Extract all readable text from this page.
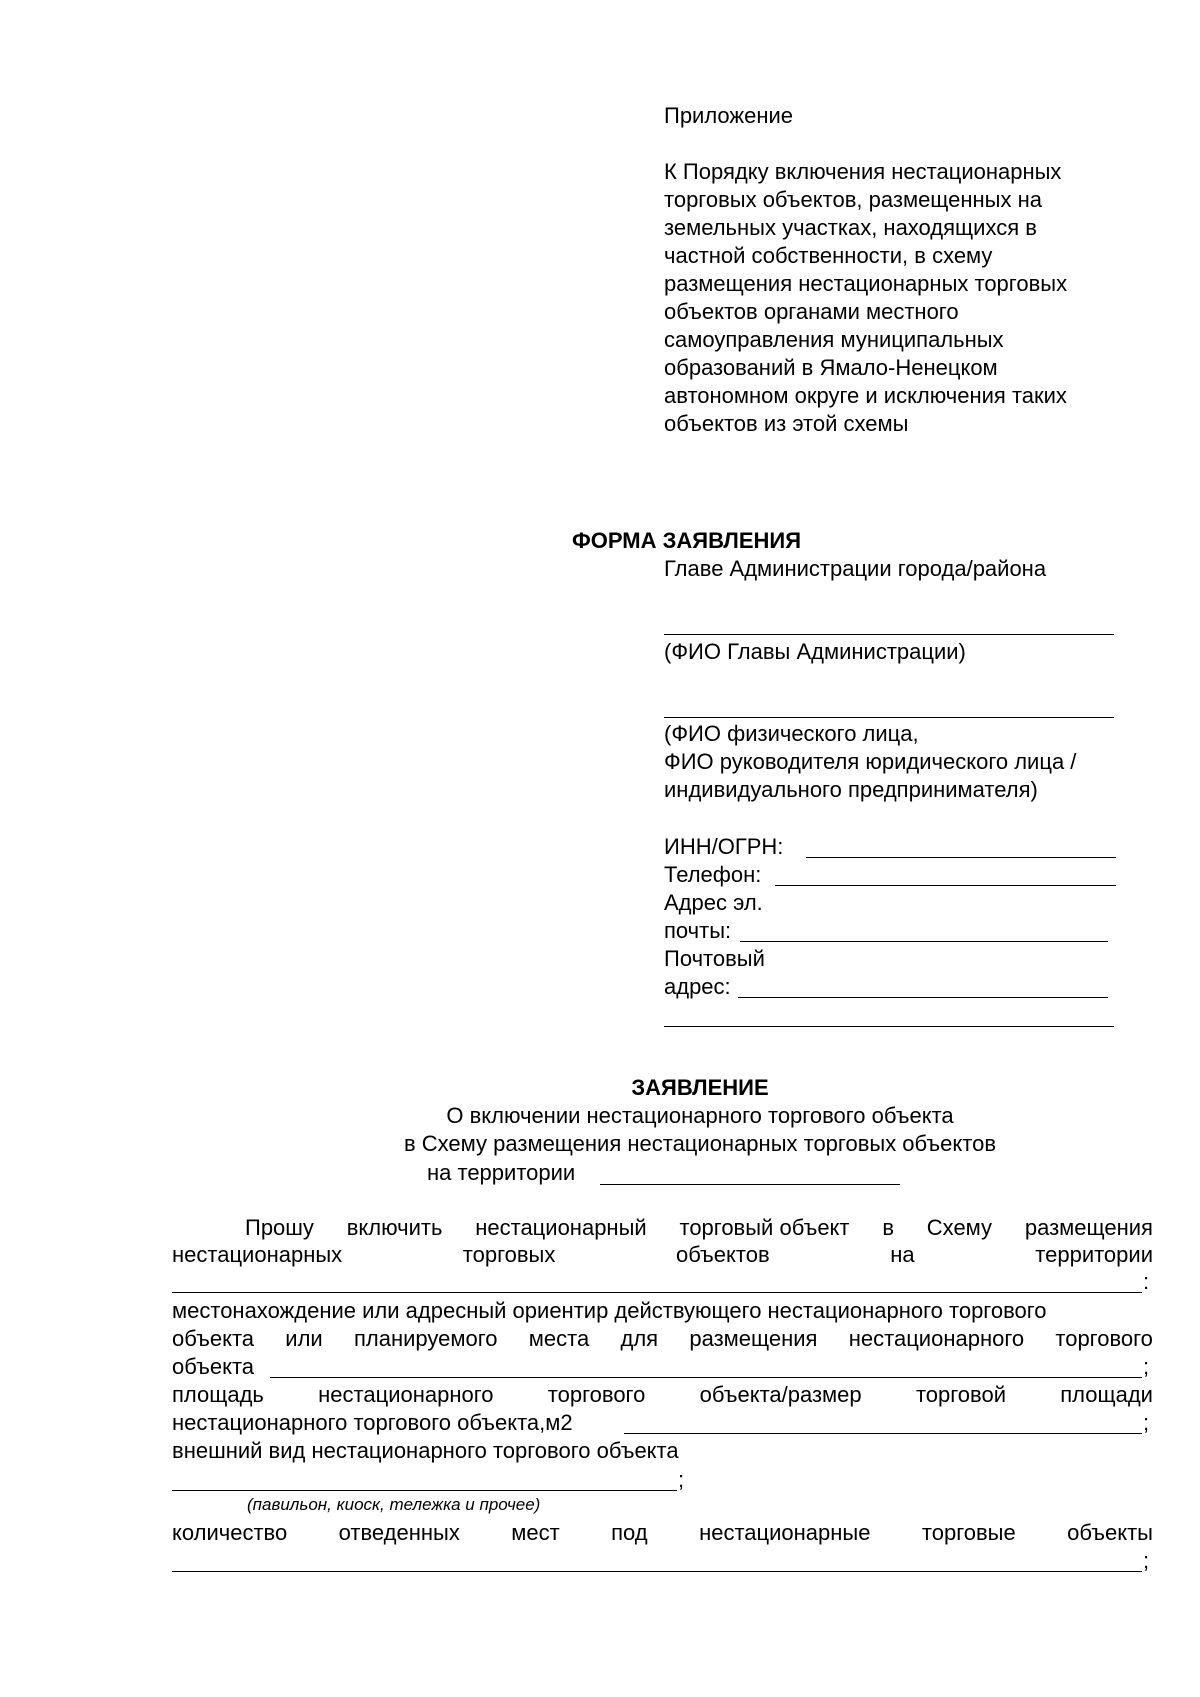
Приложение
К Порядку включения нестационарных
торговых объектов, размещенных на
земельных участках, находящихся в
частной собственности, в схему
размещения нестационарных торговых
объектов органами местного
самоуправления муниципальных
образований в Ямало-Ненецком
автономном округе и исключения таких
объектов из этой схемы
ФОРМА ЗАЯВЛЕНИЯ
Главе Администрации города/района
(ФИО Главы Администрации)
(ФИО физического лица,
ФИО руководителя юридического лица /
индивидуального предпринимателя)
ИНН/ОГРН:
Телефон:
Адрес эл.
почты:
Почтовый
адрес:
ЗАЯВЛЕНИЕ
О включении нестационарного торгового объекта
в Схему размещения нестационарных торговых объектов
на территории
Прошу включить нестационарный торговый объект в Схему размещения
нестационарных	торговых	объектов	на	территории
:
местонахождение или адресный ориентир действующего нестационарного торгового
объекта или планируемого места для размещения нестационарного торгового
объекта	;
площадь нестационарного торгового объекта/размер торговой площади
нестационарного торгового объекта,м2	;
внешний вид нестационарного торгового объекта
;
(павильон, киоск, тележка и прочее)
количество отведенных мест под нестационарные торговые объекты
;
